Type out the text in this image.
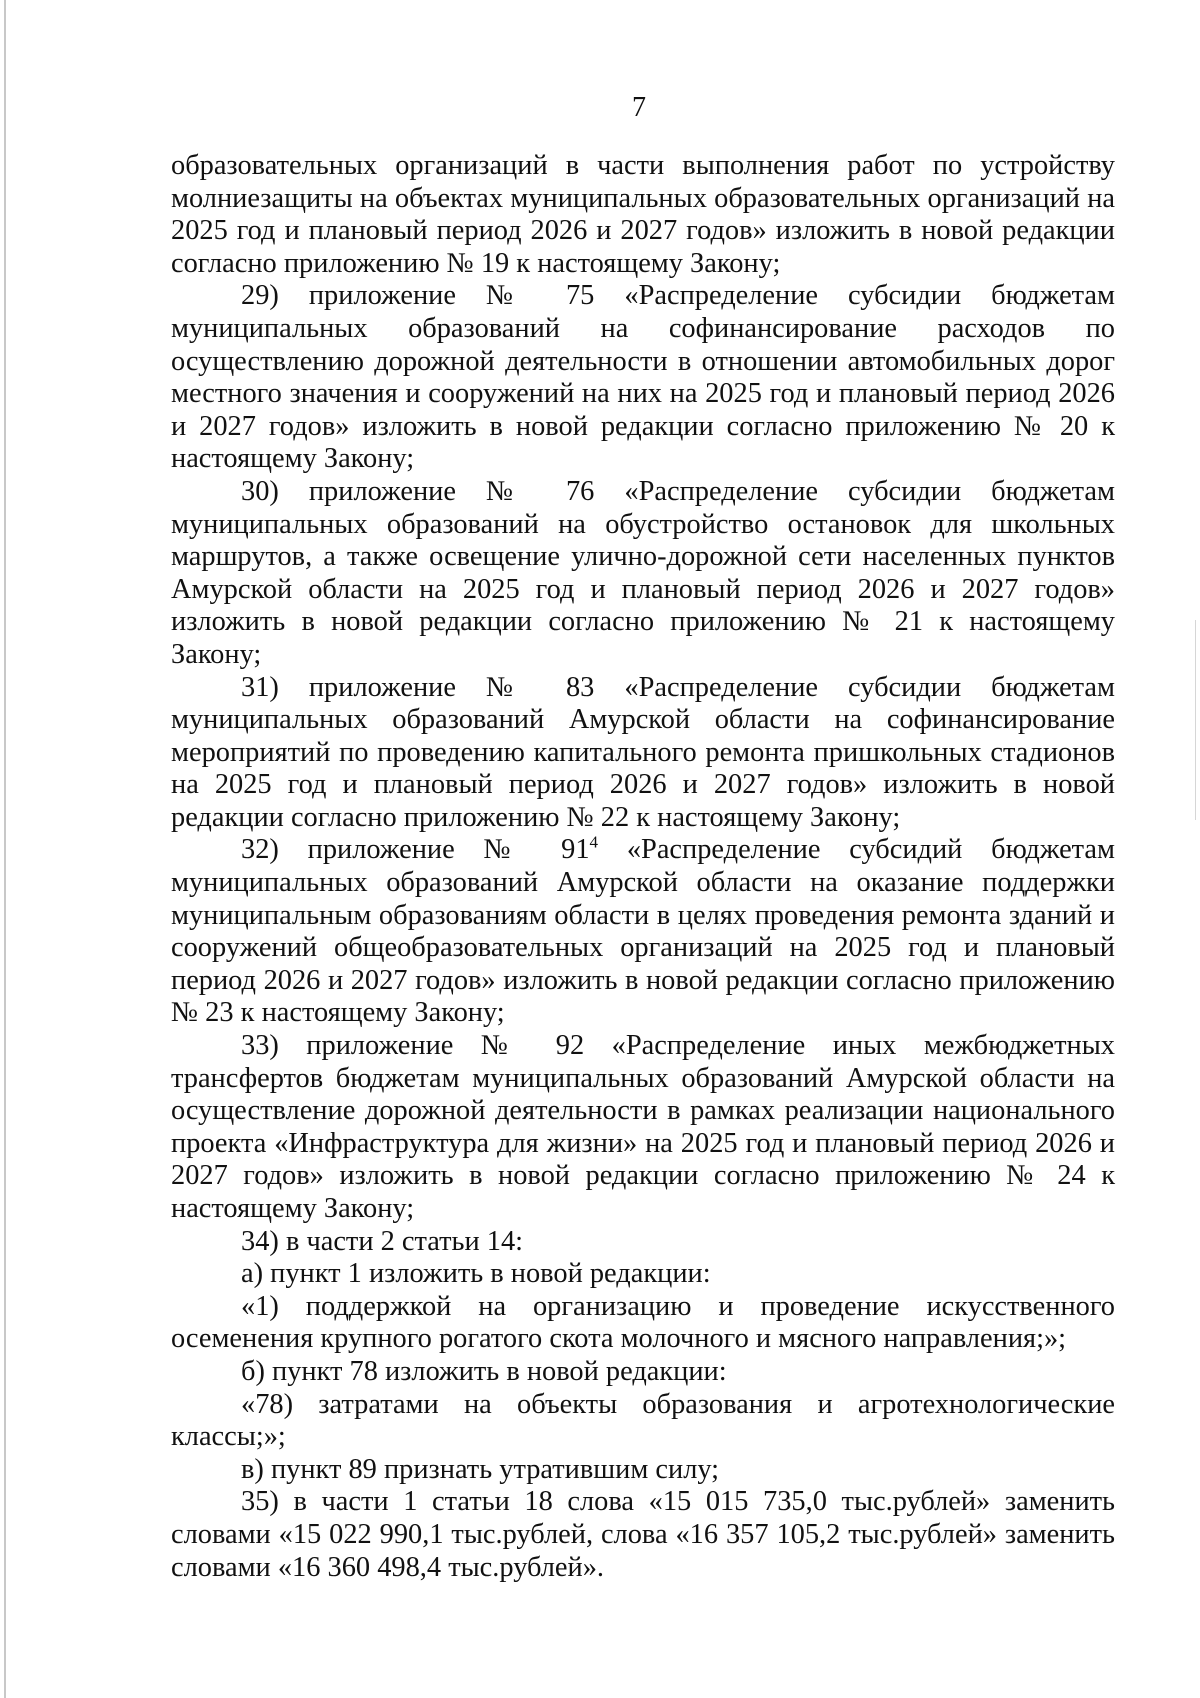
7

образовательных организаций в части выполнения работ по устройству молниезащиты на объектах муниципальных образовательных организаций на 2025 год и плановый период 2026 и 2027 годов» изложить в новой редакции согласно приложению № 19 к настоящему Закону;

29) приложение № 75 «Распределение субсидии бюджетам муниципальных образований на софинансирование расходов по осуществлению дорожной деятельности в отношении автомобильных дорог местного значения и сооружений на них на 2025 год и плановый период 2026 и 2027 годов» изложить в новой редакции согласно приложению № 20 к настоящему Закону;

30) приложение № 76 «Распределение субсидии бюджетам муниципальных образований на обустройство остановок для школьных маршрутов, а также освещение улично-дорожной сети населенных пунктов Амурской области на 2025 год и плановый период 2026 и 2027 годов» изложить в новой редакции согласно приложению № 21 к настоящему Закону;

31) приложение № 83 «Распределение субсидии бюджетам муниципальных образований Амурской области на софинансирование мероприятий по проведению капитального ремонта пришкольных стадионов на 2025 год и плановый период 2026 и 2027 годов» изложить в новой редакции согласно приложению № 22 к настоящему Закону;

32) приложение № $91^4$ «Распределение субсидий бюджетам муниципальных образований Амурской области на оказание поддержки муниципальным образованиям области в целях проведения ремонта зданий и сооружений общеобразовательных организаций на 2025 год и плановый период 2026 и 2027 годов» изложить в новой редакции согласно приложению № 23 к настоящему Закону;

33) приложение № 92 «Распределение иных межбюджетных трансфертов бюджетам муниципальных образований Амурской области на осуществление дорожной деятельности в рамках реализации национального проекта «Инфраструктура для жизни» на 2025 год и плановый период 2026 и 2027 годов» изложить в новой редакции согласно приложению № 24 к настоящему Закону;

34) в части 2 статьи 14:

а) пункт 1 изложить в новой редакции:

«1) поддержкой на организацию и проведение искусственного осеменения крупного рогатого скота молочного и мясного направления;»;

б) пункт 78 изложить в новой редакции:

«78) затратами на объекты образования и агротехнологические классы;»;

в) пункт 89 признать утратившим силу;

35) в части 1 статьи 18 слова «15 015 735,0 тыс.рублей» заменить словами «15 022 990,1 тыс.рублей, слова «16 357 105,2 тыс.рублей» заменить словами «16 360 498,4 тыс.рублей».
